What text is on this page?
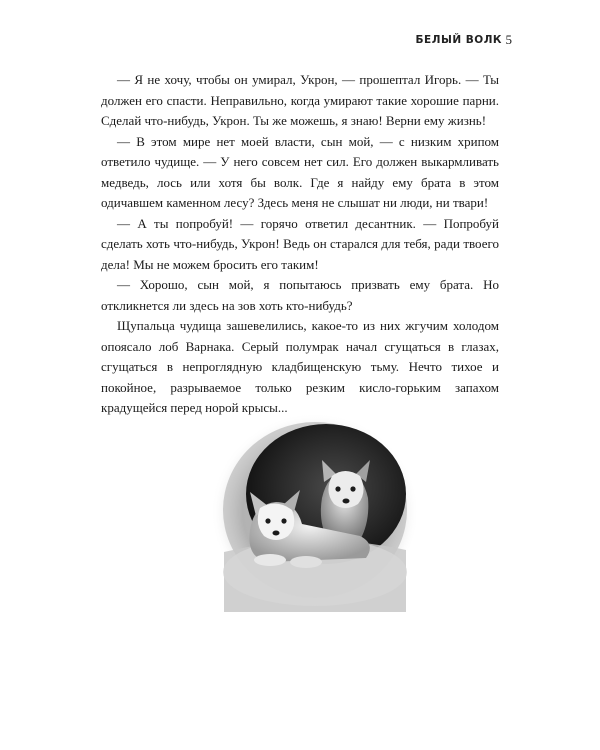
БЕЛЫЙ ВОЛК 5

— Я не хочу, чтобы он умирал, Укрон, — прошептал Игорь. — Ты должен его спасти. Неправильно, когда умирают такие хорошие парни. Сделай что-нибудь, Укрон. Ты же можешь, я знаю! Верни ему жизнь!

— В этом мире нет моей власти, сын мой, — с низким хрипом ответило чудище. — У него совсем нет сил. Его должен выкармливать медведь, лось или хотя бы волк. Где я найду ему брата в этом одичавшем каменном лесу? Здесь меня не слышат ни люди, ни твари!

— А ты попробуй! — горячо ответил десантник. — Попробуй сделать хоть что-нибудь, Укрон! Ведь он старался для тебя, ради твоего дела! Мы не можем бросить его таким!

— Хорошо, сын мой, я попытаюсь призвать ему брата. Но откликнется ли здесь на зов хоть кто-нибудь?

Щупальца чудища зашевелились, какое-то из них жгучим холодом опоясало лоб Варнака. Серый полумрак начал сгущаться в глазах, сгущаться в непроглядную кладбищенскую тьму. Нечто тихое и покойное, разрываемое только резким кисло-горьким запахом крадущейся перед норой крысы...
